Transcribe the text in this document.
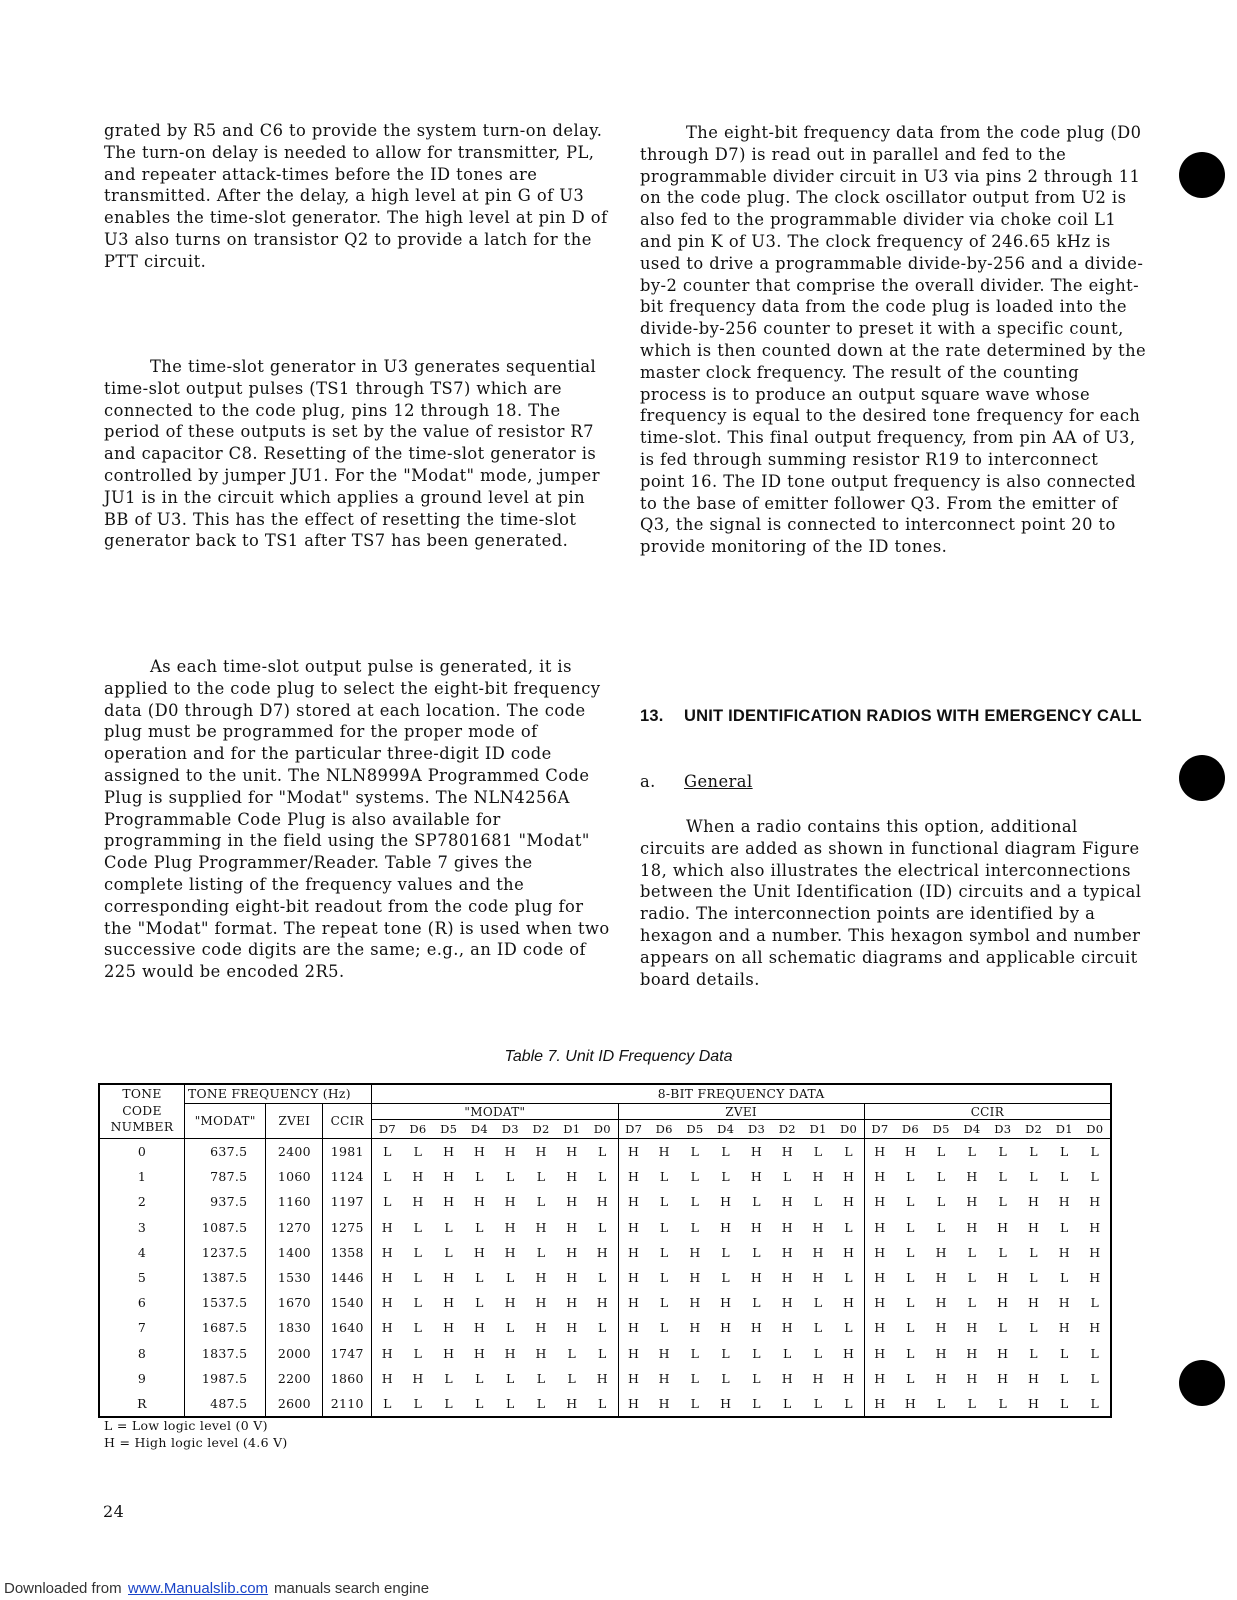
grated by R5 and C6 to provide the system turn-on delay. The turn-on delay is needed to allow for transmitter, PL, and repeater attack-times before the ID tones are transmitted. After the delay, a high level at pin G of U3 enables the time-slot generator. The high level at pin D of U3 also turns on transistor Q2 to provide a latch for the PTT circuit.

The time-slot generator in U3 generates sequential time-slot output pulses (TS1 through TS7) which are connected to the code plug, pins 12 through 18. The period of these outputs is set by the value of resistor R7 and capacitor C8. Resetting of the time-slot generator is controlled by jumper JU1. For the "Modat" mode, jumper JU1 is in the circuit which applies a ground level at pin BB of U3. This has the effect of resetting the time-slot generator back to TS1 after TS7 has been generated.

As each time-slot output pulse is generated, it is applied to the code plug to select the eight-bit frequency data (D0 through D7) stored at each location. The code plug must be programmed for the proper mode of operation and for the particular three-digit ID code assigned to the unit. The NLN8999A Programmed Code Plug is supplied for "Modat" systems. The NLN4256A Programmable Code Plug is also available for programming in the field using the SP7801681 "Modat" Code Plug Programmer/Reader. Table 7 gives the complete listing of the frequency values and the corresponding eight-bit readout from the code plug for the "Modat" format. The repeat tone (R) is used when two successive code digits are the same; e.g., an ID code of 225 would be encoded 2R5.

The eight-bit frequency data from the code plug (D0 through D7) is read out in parallel and fed to the programmable divider circuit in U3 via pins 2 through 11 on the code plug. The clock oscillator output from U2 is also fed to the programmable divider via choke coil L1 and pin K of U3. The clock frequency of 246.65 kHz is used to drive a programmable divide-by-256 and a divide-by-2 counter that comprise the overall divider. The eight-bit frequency data from the code plug is loaded into the divide-by-256 counter to preset it with a specific count, which is then counted down at the rate determined by the master clock frequency. The result of the counting process is to produce an output square wave whose frequency is equal to the desired tone frequency for each time-slot. This final output frequency, from pin AA of U3, is fed through summing resistor R19 to interconnect point 16. The ID tone output frequency is also connected to the base of emitter follower Q3. From the emitter of Q3, the signal is connected to interconnect point 20 to provide monitoring of the ID tones.

13. UNIT IDENTIFICATION RADIOS WITH EMERGENCY CALL
a. General

When a radio contains this option, additional circuits are added as shown in functional diagram Figure 18, which also illustrates the electrical interconnections between the Unit Identification (ID) circuits and a typical radio. The interconnection points are identified by a hexagon and a number. This hexagon symbol and number appears on all schematic diagrams and applicable circuit board details.

Table 7. Unit ID Frequency Data
TONE
CODE
NUMBER	TONE FREQUENCY (Hz)			8-BIT FREQUENCY DATA																							
	"MODAT"	ZVEI	CCIR	"MODAT"								ZVEI								CCIR							
				D7	D6	D5	D4	D3	D2	D1	D0	D7	D6	D5	D4	D3	D2	D1	D0	D7	D6	D5	D4	D3	D2	D1	D0
0	637.5	2400	1981	L	L	H	H	H	H	H	L	H	H	L	L	H	H	L	L	H	H	L	L	L	L	L	L
1	787.5	1060	1124	L	H	H	L	L	L	H	L	H	L	L	L	H	L	H	H	H	L	L	H	L	L	L	L
2	937.5	1160	1197	L	H	H	H	H	L	H	H	H	L	L	H	L	H	L	H	H	L	L	H	L	H	H	H
3	1087.5	1270	1275	H	L	L	L	H	H	H	L	H	L	L	H	H	H	H	L	H	L	L	H	H	H	L	H
4	1237.5	1400	1358	H	L	L	H	H	L	H	H	H	L	H	L	L	H	H	H	H	L	H	L	L	L	H	H
5	1387.5	1530	1446	H	L	H	L	L	H	H	L	H	L	H	L	H	H	H	L	H	L	H	L	H	L	L	H
6	1537.5	1670	1540	H	L	H	L	H	H	H	H	H	L	H	H	L	H	L	H	H	L	H	L	H	H	H	L
7	1687.5	1830	1640	H	L	H	H	L	H	H	L	H	L	H	H	H	H	L	L	H	L	H	H	L	L	H	H
8	1837.5	2000	1747	H	L	H	H	H	H	L	L	H	H	L	L	L	L	L	H	H	L	H	H	H	L	L	L
9	1987.5	2200	1860	H	H	L	L	L	L	L	H	H	H	L	L	L	H	H	H	H	L	H	H	H	H	L	L
R	487.5	2600	2110	L	L	L	L	L	L	H	L	H	H	L	H	L	L	L	L	H	H	L	L	L	H	L	L
L = Low logic level (0 V)
H = High logic level (4.6 V)
24
Downloaded from www.Manualslib.com manuals search engine
